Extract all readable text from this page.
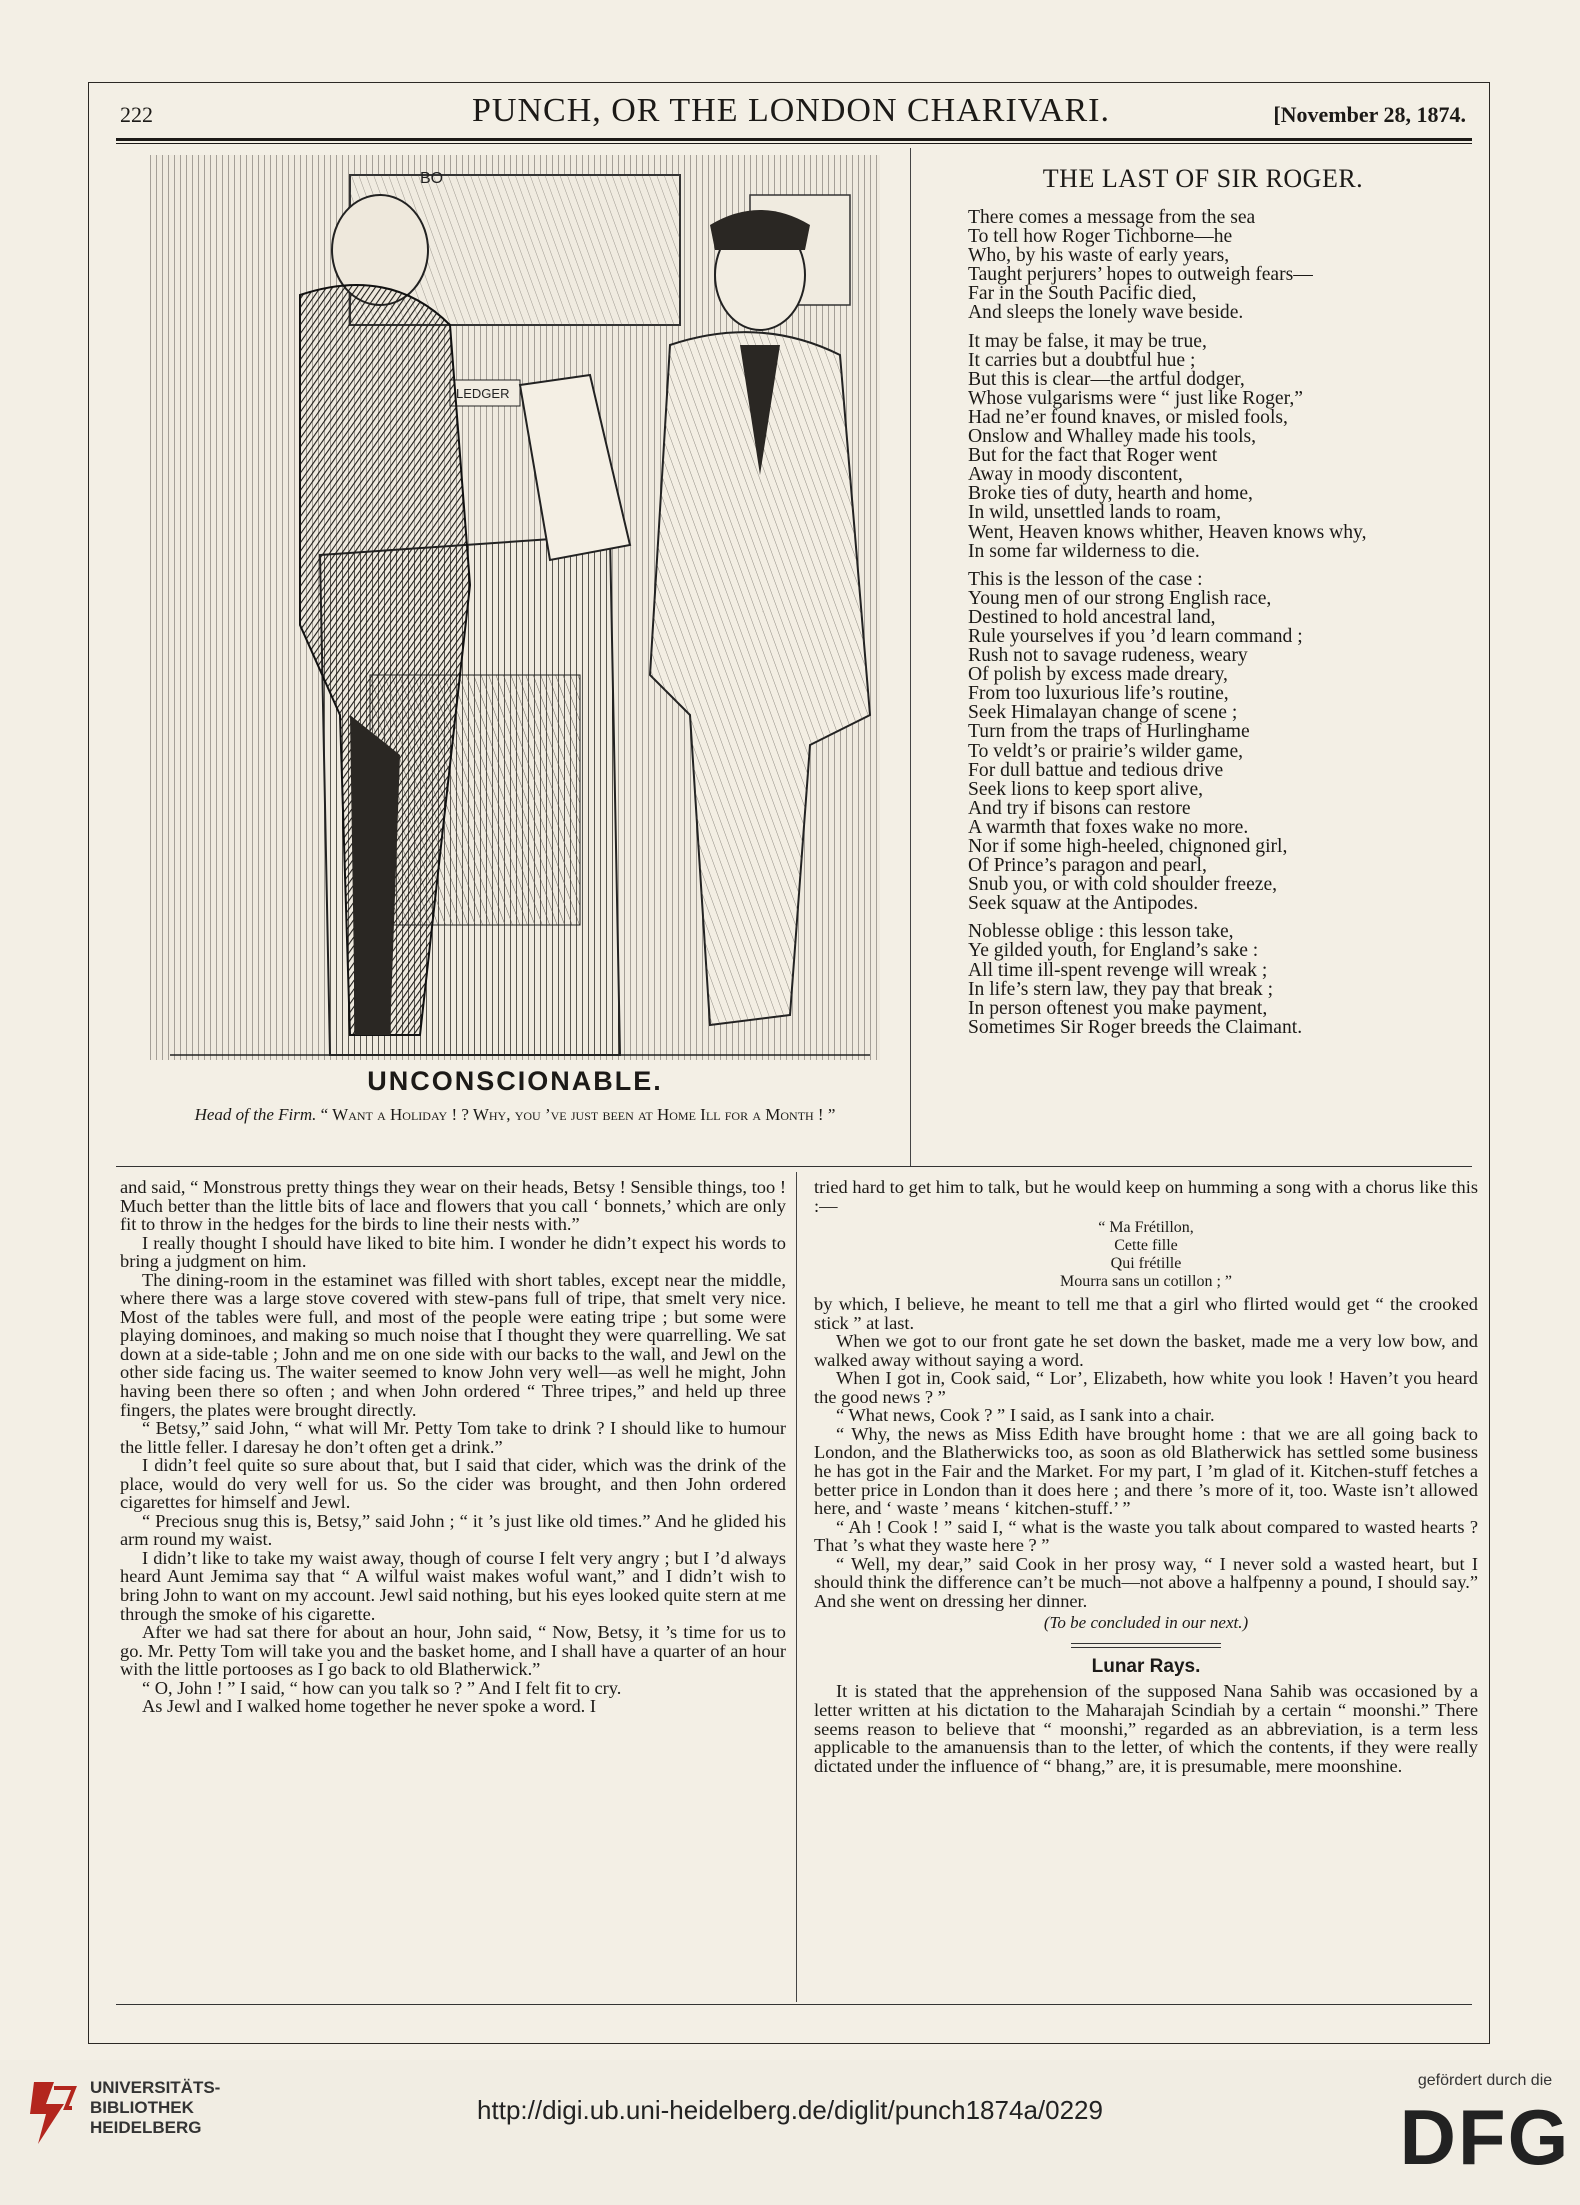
222	PUNCH, OR THE LONDON CHARIVARI.	[November 28, 1874.
LEDGER
BO
UNCONSCIONABLE.
Head of the Firm. “ Want a Holiday ! ? Why, you ’ve just been at Home Ill for a Month ! ”
THE LAST OF SIR ROGER.
There comes a message from the sea
To tell how Roger Tichborne—he
Who, by his waste of early years,
Taught perjurers’ hopes to outweigh fears—
Far in the South Pacific died,
And sleeps the lonely wave beside.
It may be false, it may be true,
It carries but a doubtful hue ;
But this is clear—the artful dodger,
Whose vulgarisms were “ just like Roger,”
Had ne’er found knaves, or misled fools,
Onslow and Whalley made his tools,
But for the fact that Roger went
Away in moody discontent,
Broke ties of duty, hearth and home,
In wild, unsettled lands to roam,
Went, Heaven knows whither, Heaven knows why,
In some far wilderness to die.
This is the lesson of the case :
Young men of our strong English race,
Destined to hold ancestral land,
Rule yourselves if you ’d learn command ;
Rush not to savage rudeness, weary
Of polish by excess made dreary,
From too luxurious life’s routine,
Seek Himalayan change of scene ;
Turn from the traps of Hurlinghame
To veldt’s or prairie’s wilder game,
For dull battue and tedious drive
Seek lions to keep sport alive,
And try if bisons can restore
A warmth that foxes wake no more.
Nor if some high-heeled, chignoned girl,
Of Prince’s paragon and pearl,
Snub you, or with cold shoulder freeze,
Seek squaw at the Antipodes.
Noblesse oblige : this lesson take,
Ye gilded youth, for England’s sake :
All time ill-spent revenge will wreak ;
In life’s stern law, they pay that break ;
In person oftenest you make payment,
Sometimes Sir Roger breeds the Claimant.

and said, “ Monstrous pretty things they wear on their heads, Betsy ! Sensible things, too ! Much better than the little bits of lace and flowers that you call ‘ bonnets,’ which are only fit to throw in the hedges for the birds to line their nests with.”

I really thought I should have liked to bite him. I wonder he didn’t expect his words to bring a judgment on him.

The dining-room in the estaminet was filled with short tables, except near the middle, where there was a large stove covered with stew-pans full of tripe, that smelt very nice. Most of the tables were full, and most of the people were eating tripe ; but some were playing dominoes, and making so much noise that I thought they were quarrelling. We sat down at a side-table ; John and me on one side with our backs to the wall, and Jewl on the other side facing us. The waiter seemed to know John very well—as well he might, John having been there so often ; and when John ordered “ Three tripes,” and held up three fingers, the plates were brought directly.

“ Betsy,” said John, “ what will Mr. Petty Tom take to drink ? I should like to humour the little feller. I daresay he don’t often get a drink.”

I didn’t feel quite so sure about that, but I said that cider, which was the drink of the place, would do very well for us. So the cider was brought, and then John ordered cigarettes for himself and Jewl.

“ Precious snug this is, Betsy,” said John ; “ it ’s just like old times.” And he glided his arm round my waist.

I didn’t like to take my waist away, though of course I felt very angry ; but I ’d always heard Aunt Jemima say that “ A wilful waist makes woful want,” and I didn’t wish to bring John to want on my account. Jewl said nothing, but his eyes looked quite stern at me through the smoke of his cigarette.

After we had sat there for about an hour, John said, “ Now, Betsy, it ’s time for us to go. Mr. Petty Tom will take you and the basket home, and I shall have a quarter of an hour with the little portooses as I go back to old Blatherwick.”

“ O, John ! ” I said, “ how can you talk so ? ” And I felt fit to cry.

As Jewl and I walked home together he never spoke a word. I

tried hard to get him to talk, but he would keep on humming a song with a chorus like this :—

“ Ma Frétillon,
Cette fille
Qui frétille
Mourra sans un cotillon ; ”

by which, I believe, he meant to tell me that a girl who flirted would get “ the crooked stick ” at last.

When we got to our front gate he set down the basket, made me a very low bow, and walked away without saying a word.

When I got in, Cook said, “ Lor’, Elizabeth, how white you look ! Haven’t you heard the good news ? ”

“ What news, Cook ? ” I said, as I sank into a chair.

“ Why, the news as Miss Edith have brought home : that we are all going back to London, and the Blatherwicks too, as soon as old Blatherwick has settled some business he has got in the Fair and the Market. For my part, I ’m glad of it. Kitchen-stuff fetches a better price in London than it does here ; and there ’s more of it, too. Waste isn’t allowed here, and ‘ waste ’ means ‘ kitchen-stuff.’ ”

“ Ah ! Cook ! ” said I, “ what is the waste you talk about compared to wasted hearts ? That ’s what they waste here ? ”

“ Well, my dear,” said Cook in her prosy way, “ I never sold a wasted heart, but I should think the difference can’t be much—not above a halfpenny a pound, I should say.” And she went on dressing her dinner.

(To be concluded in our next.)
Lunar Rays.

It is stated that the apprehension of the supposed Nana Sahib was occasioned by a letter written at his dictation to the Maharajah Scindiah by a certain “ moonshi.” There seems reason to believe that “ moonshi,” regarded as an abbreviation, is a term less applicable to the amanuensis than to the letter, of which the contents, if they were really dictated under the influence of “ bhang,” are, it is presumable, mere moonshine.

UNIVERSITÄTS-
BIBLIOTHEK
HEIDELBERG
http://digi.ub.uni-heidelberg.de/diglit/punch1874a/0229
gefördert durch die
DFG
